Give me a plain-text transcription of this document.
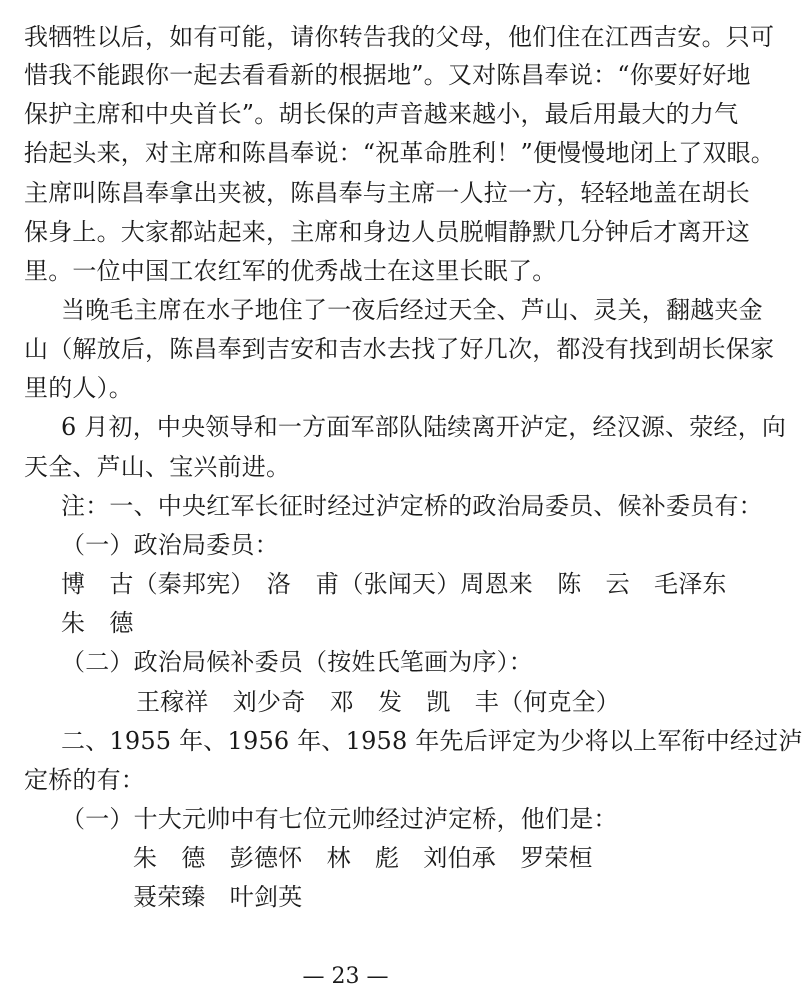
我牺牲以后，如有可能，请你转告我的父母，他们住在江西吉安。只可
惜我不能跟你一起去看看新的根据地”。又对陈昌奉说：“你要好好地
保护主席和中央首长”。胡长保的声音越来越小，最后用最大的力气
抬起头来，对主席和陈昌奉说：“祝革命胜利！”便慢慢地闭上了双眼。
主席叫陈昌奉拿出夹被，陈昌奉与主席一人拉一方，轻轻地盖在胡长
保身上。大家都站起来，主席和身边人员脱帽静默几分钟后才离开这
里。一位中国工农红军的优秀战士在这里长眠了。
当晚毛主席在水子地住了一夜后经过天全、芦山、灵关，翻越夹金
山（解放后，陈昌奉到吉安和吉水去找了好几次，都没有找到胡长保家
里的人）。
6 月初，中央领导和一方面军部队陆续离开泸定，经汉源、荥经，向
天全、芦山、宝兴前进。
注：一、中央红军长征时经过泸定桥的政治局委员、候补委员有：
（一）政治局委员：
博　古（秦邦宪）　洛　甫（张闻天）周恩来　陈　云　毛泽东
朱　德
（二）政治局候补委员（按姓氏笔画为序）：
王稼祥　刘少奇　邓　发　凯　丰（何克全）
二、1955 年、1956 年、1958 年先后评定为少将以上军衔中经过泸
定桥的有：
（一）十大元帅中有七位元帅经过泸定桥，他们是：
朱　德　彭德怀　林　彪　刘伯承　罗荣桓
聂荣臻　叶剑英
— 23 —
